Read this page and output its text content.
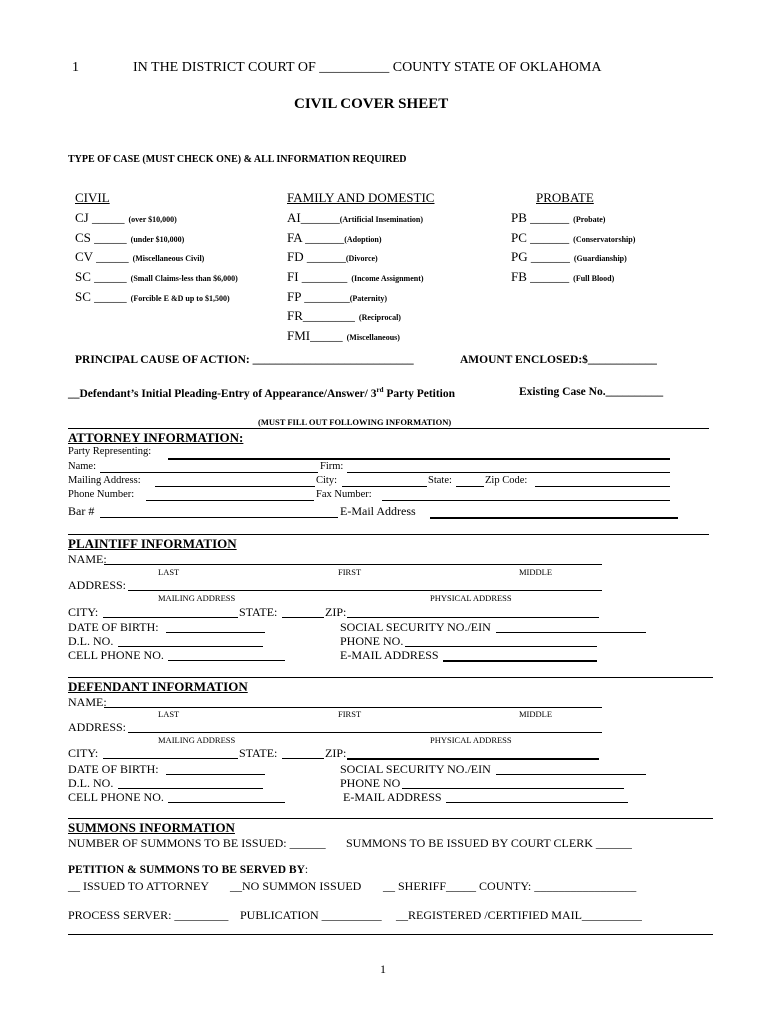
1	IN THE DISTRICT COURT OF __________ COUNTY STATE OF OKLAHOMA
CIVIL COVER SHEET
TYPE OF CASE (MUST CHECK ONE) & ALL INFORMATION REQUIRED
CIVIL
CJ _____ (over $10,000)
CS _____ (under $10,000)
CV _____ (Miscellaneous Civil)
SC _____ (Small Claims-less than $6,000)
SC _____ (Forcible E &D up to $1,500)
FAMILY AND DOMESTIC
AI______(Artificial Insemination)
FA ______(Adoption)
FD ______(Divorce)
FI _______ (Income Assignment)
FP _______(Paternity)
FR________ (Reciprocal)
FMI_____ (Miscellaneous)
PROBATE
PB ______ (Probate)
PC ______ (Conservatorship)
PG ______ (Guardianship)
FB ______ (Full Blood)
PRINCIPAL CAUSE OF ACTION: ____________________________	AMOUNT ENCLOSED:$____________
__Defendant’s Initial Pleading-Entry of Appearance/Answer/ 3rd Party Petition	Existing Case No.__________
(MUST FILL OUT FOLLOWING INFORMATION)
ATTORNEY INFORMATION:
Party Representing:
Name:	Firm:
Mailing Address:	City:	State:	Zip Code:
Phone Number:	Fax Number:
Bar #	E-Mail Address
PLAINTIFF INFORMATION
NAME:
LAST	FIRST	MIDDLE
ADDRESS:
MAILING ADDRESS	PHYSICAL ADDRESS
CITY:	STATE:	ZIP:
DATE OF BIRTH:	SOCIAL SECURITY NO./EIN
D.L. NO.	PHONE NO.
CELL PHONE NO.	E-MAIL ADDRESS
DEFENDANT INFORMATION
NAME:
LAST	FIRST	MIDDLE
ADDRESS:
MAILING ADDRESS	PHYSICAL ADDRESS
CITY:	STATE:	ZIP:
DATE OF BIRTH:	SOCIAL SECURITY NO./EIN
D.L. NO.	PHONE NO
CELL PHONE NO.	E-MAIL ADDRESS
SUMMONS INFORMATION
NUMBER OF SUMMONS TO BE ISSUED: ______ SUMMONS TO BE ISSUED BY COURT CLERK ______
PETITION & SUMMONS TO BE SERVED BY:
__ ISSUED TO ATTORNEY __NO SUMMON ISSUED __ SHERIFF_____ COUNTY: _________________
PROCESS SERVER: _________ PUBLICATION __________ __REGISTERED /CERTIFIED MAIL__________
1
